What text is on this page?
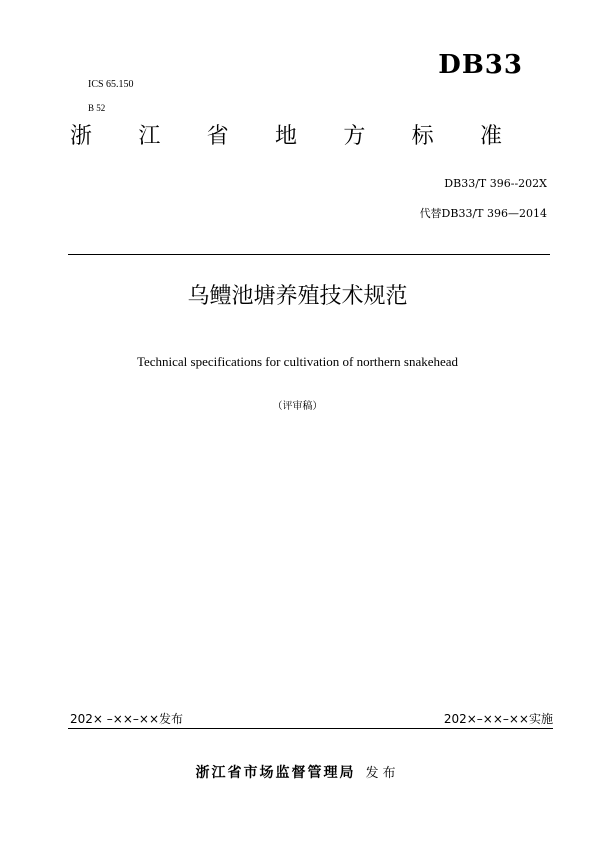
DB33
ICS 65.150
B 52
浙 江 省 地 方 标 准
DB33/T 396--202X
代替DB33/T 396—2014
乌鳢池塘养殖技术规范
Technical specifications for cultivation of northern snakehead
（评审稿）
202× –××–××发布	202×–××–××实施
浙江省市场监督管理局 发布
